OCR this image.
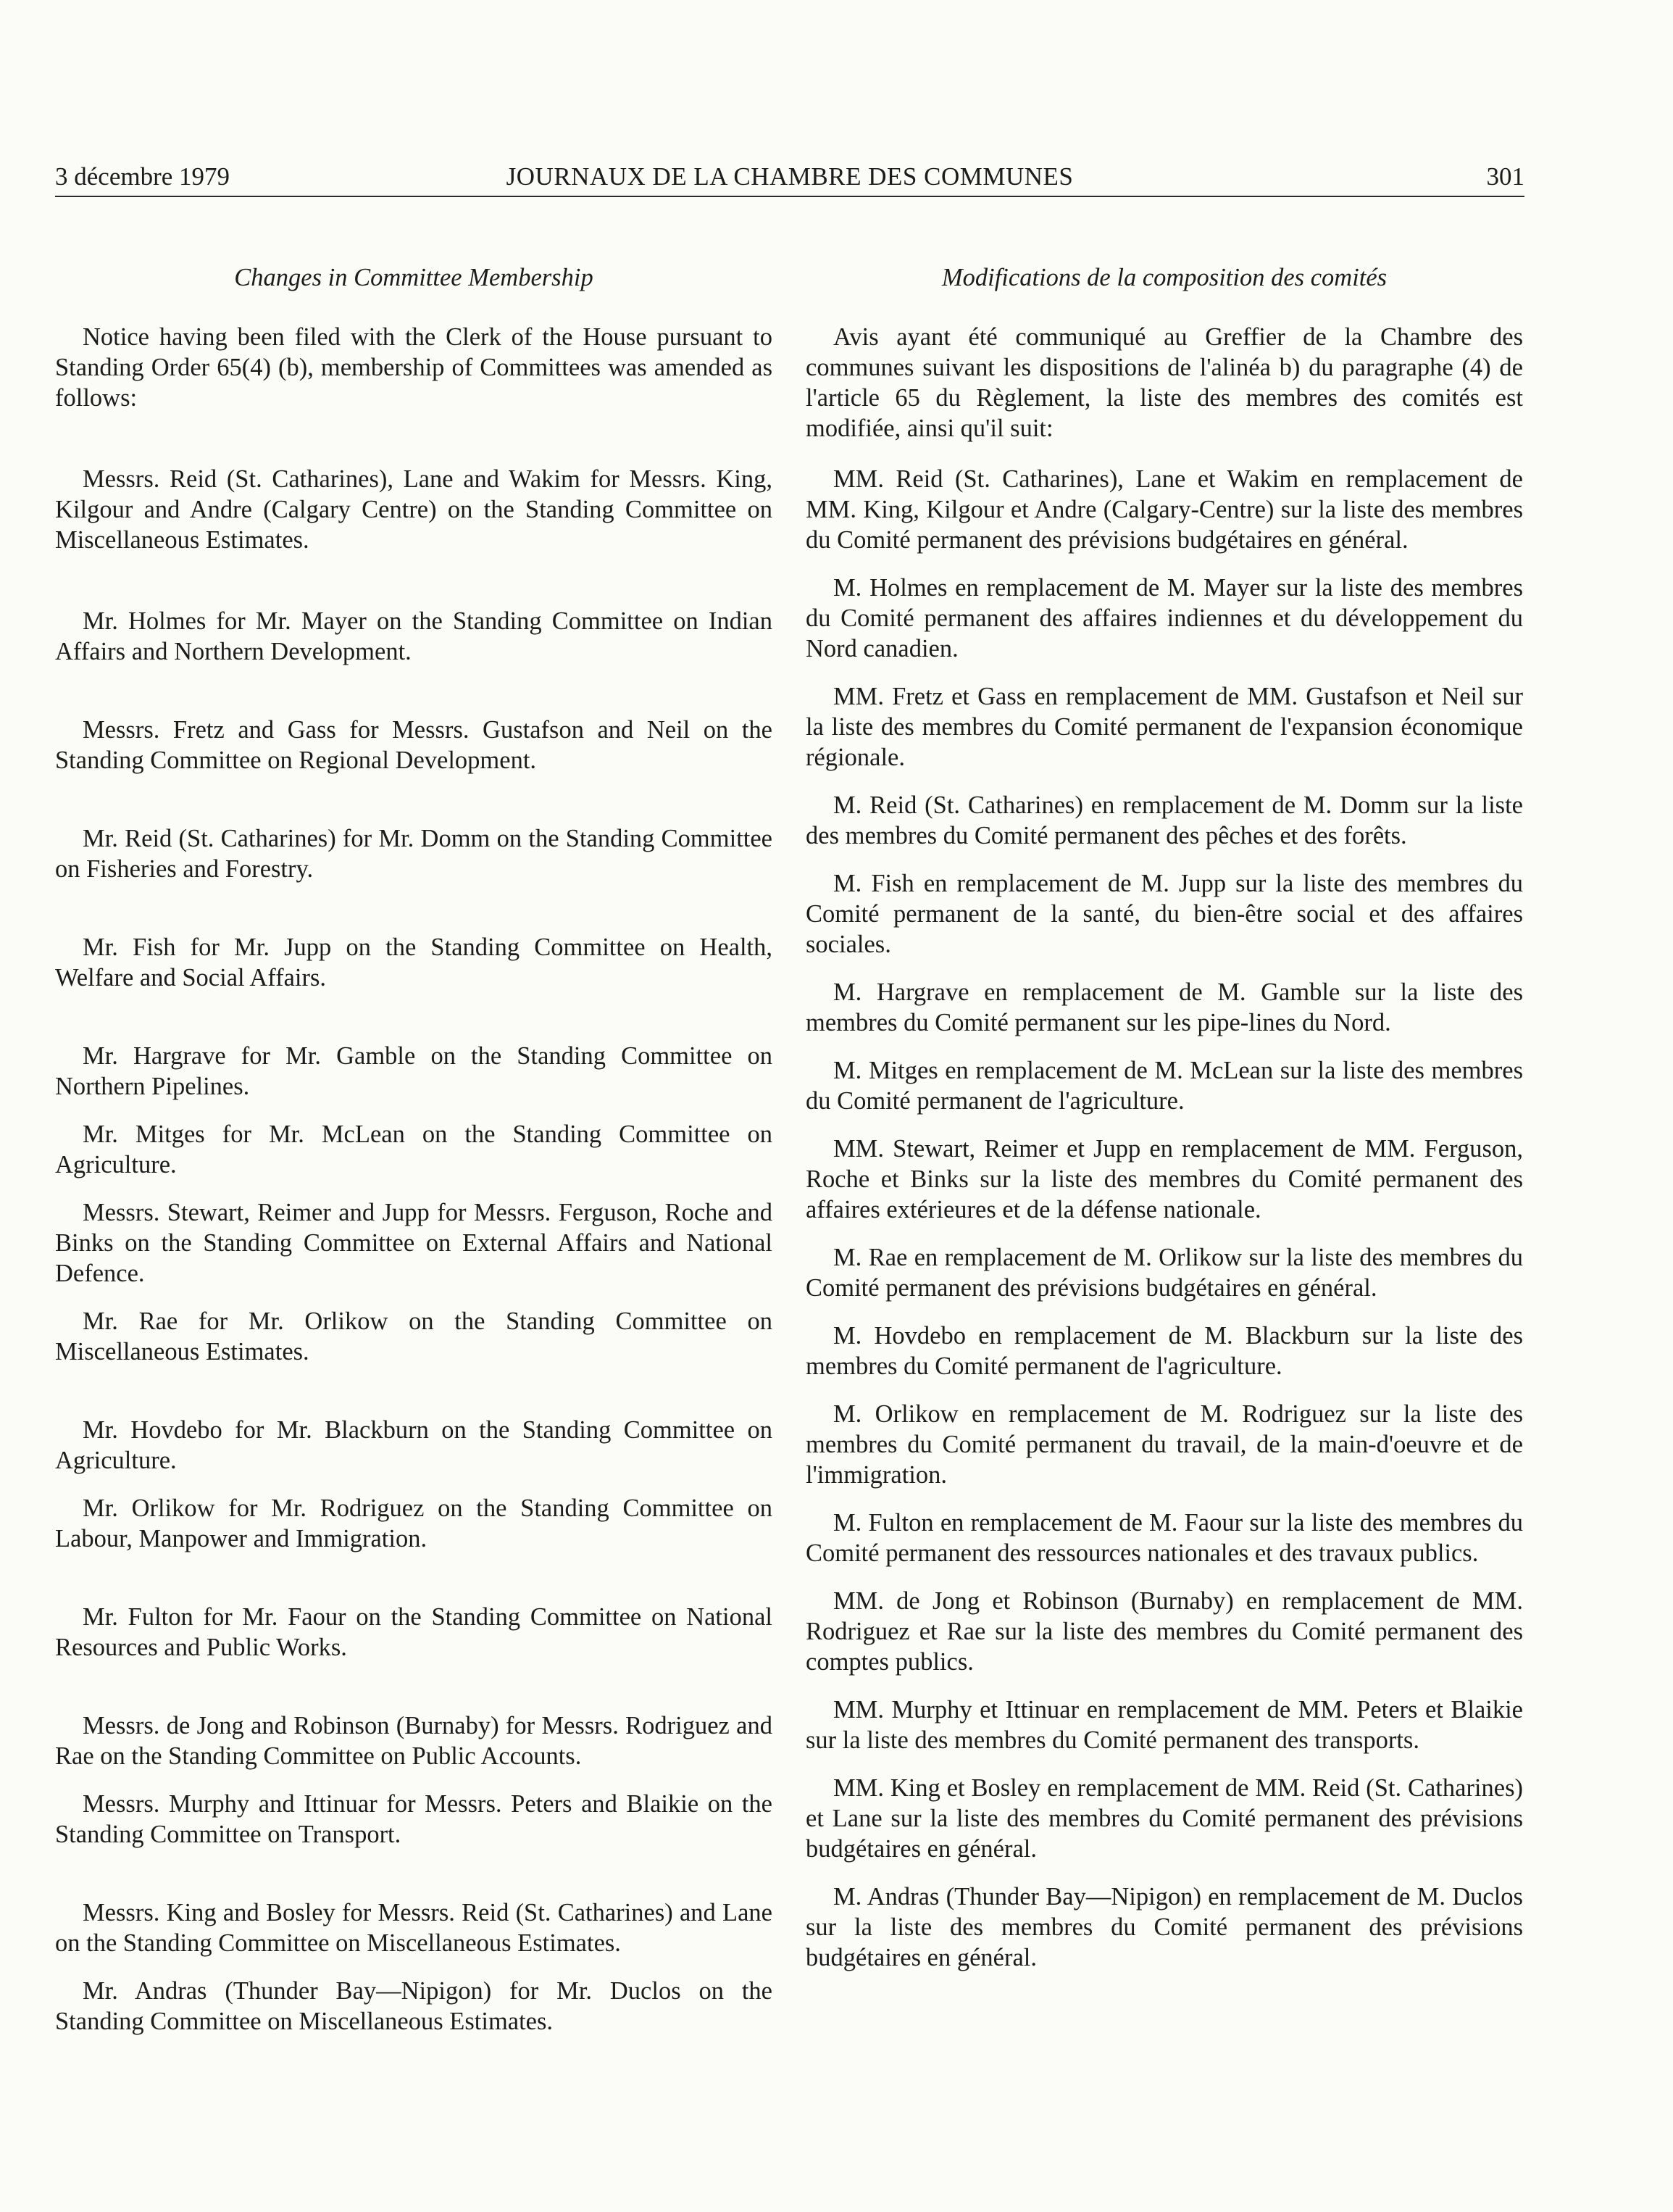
3 décembre 1979	JOURNAUX DE LA CHAMBRE DES COMMUNES	301
Changes in Committee Membership

Notice having been filed with the Clerk of the House pursuant to Standing Order 65(4) (b), membership of Committees was amended as follows:

Messrs. Reid (St. Catharines), Lane and Wakim for Messrs. King, Kilgour and Andre (Calgary Centre) on the Standing Committee on Miscellaneous Estimates.

Mr. Holmes for Mr. Mayer on the Standing Committee on Indian Affairs and Northern Development.

Messrs. Fretz and Gass for Messrs. Gustafson and Neil on the Standing Committee on Regional Development.

Mr. Reid (St. Catharines) for Mr. Domm on the Standing Committee on Fisheries and Forestry.

Mr. Fish for Mr. Jupp on the Standing Committee on Health, Welfare and Social Affairs.

Mr. Hargrave for Mr. Gamble on the Standing Committee on Northern Pipelines.

Mr. Mitges for Mr. McLean on the Standing Committee on Agriculture.

Messrs. Stewart, Reimer and Jupp for Messrs. Ferguson, Roche and Binks on the Standing Committee on External Affairs and National Defence.

Mr. Rae for Mr. Orlikow on the Standing Committee on Miscellaneous Estimates.

Mr. Hovdebo for Mr. Blackburn on the Standing Committee on Agriculture.

Mr. Orlikow for Mr. Rodriguez on the Standing Committee on Labour, Manpower and Immigration.

Mr. Fulton for Mr. Faour on the Standing Committee on National Resources and Public Works.

Messrs. de Jong and Robinson (Burnaby) for Messrs. Rodriguez and Rae on the Standing Committee on Public Accounts.

Messrs. Murphy and Ittinuar for Messrs. Peters and Blaikie on the Standing Committee on Transport.

Messrs. King and Bosley for Messrs. Reid (St. Catharines) and Lane on the Standing Committee on Miscellaneous Estimates.

Mr. Andras (Thunder Bay—Nipigon) for Mr. Duclos on the Standing Committee on Miscellaneous Estimates.

Modifications de la composition des comités

Avis ayant été communiqué au Greffier de la Chambre des communes suivant les dispositions de l'alinéa b) du paragraphe (4) de l'article 65 du Règlement, la liste des membres des comités est modifiée, ainsi qu'il suit:

MM. Reid (St. Catharines), Lane et Wakim en remplacement de MM. King, Kilgour et Andre (Calgary-Centre) sur la liste des membres du Comité permanent des prévisions budgétaires en général.

M. Holmes en remplacement de M. Mayer sur la liste des membres du Comité permanent des affaires indiennes et du développement du Nord canadien.

MM. Fretz et Gass en remplacement de MM. Gustafson et Neil sur la liste des membres du Comité permanent de l'expansion économique régionale.

M. Reid (St. Catharines) en remplacement de M. Domm sur la liste des membres du Comité permanent des pêches et des forêts.

M. Fish en remplacement de M. Jupp sur la liste des membres du Comité permanent de la santé, du bien-être social et des affaires sociales.

M. Hargrave en remplacement de M. Gamble sur la liste des membres du Comité permanent sur les pipe-lines du Nord.

M. Mitges en remplacement de M. McLean sur la liste des membres du Comité permanent de l'agriculture.

MM. Stewart, Reimer et Jupp en remplacement de MM. Ferguson, Roche et Binks sur la liste des membres du Comité permanent des affaires extérieures et de la défense nationale.

M. Rae en remplacement de M. Orlikow sur la liste des membres du Comité permanent des prévisions budgétaires en général.

M. Hovdebo en remplacement de M. Blackburn sur la liste des membres du Comité permanent de l'agriculture.

M. Orlikow en remplacement de M. Rodriguez sur la liste des membres du Comité permanent du travail, de la main-d'oeuvre et de l'immigration.

M. Fulton en remplacement de M. Faour sur la liste des membres du Comité permanent des ressources nationales et des travaux publics.

MM. de Jong et Robinson (Burnaby) en remplacement de MM. Rodriguez et Rae sur la liste des membres du Comité permanent des comptes publics.

MM. Murphy et Ittinuar en remplacement de MM. Peters et Blaikie sur la liste des membres du Comité permanent des transports.

MM. King et Bosley en remplacement de MM. Reid (St. Catharines) et Lane sur la liste des membres du Comité permanent des prévisions budgétaires en général.

M. Andras (Thunder Bay—Nipigon) en remplacement de M. Duclos sur la liste des membres du Comité permanent des prévisions budgétaires en général.
